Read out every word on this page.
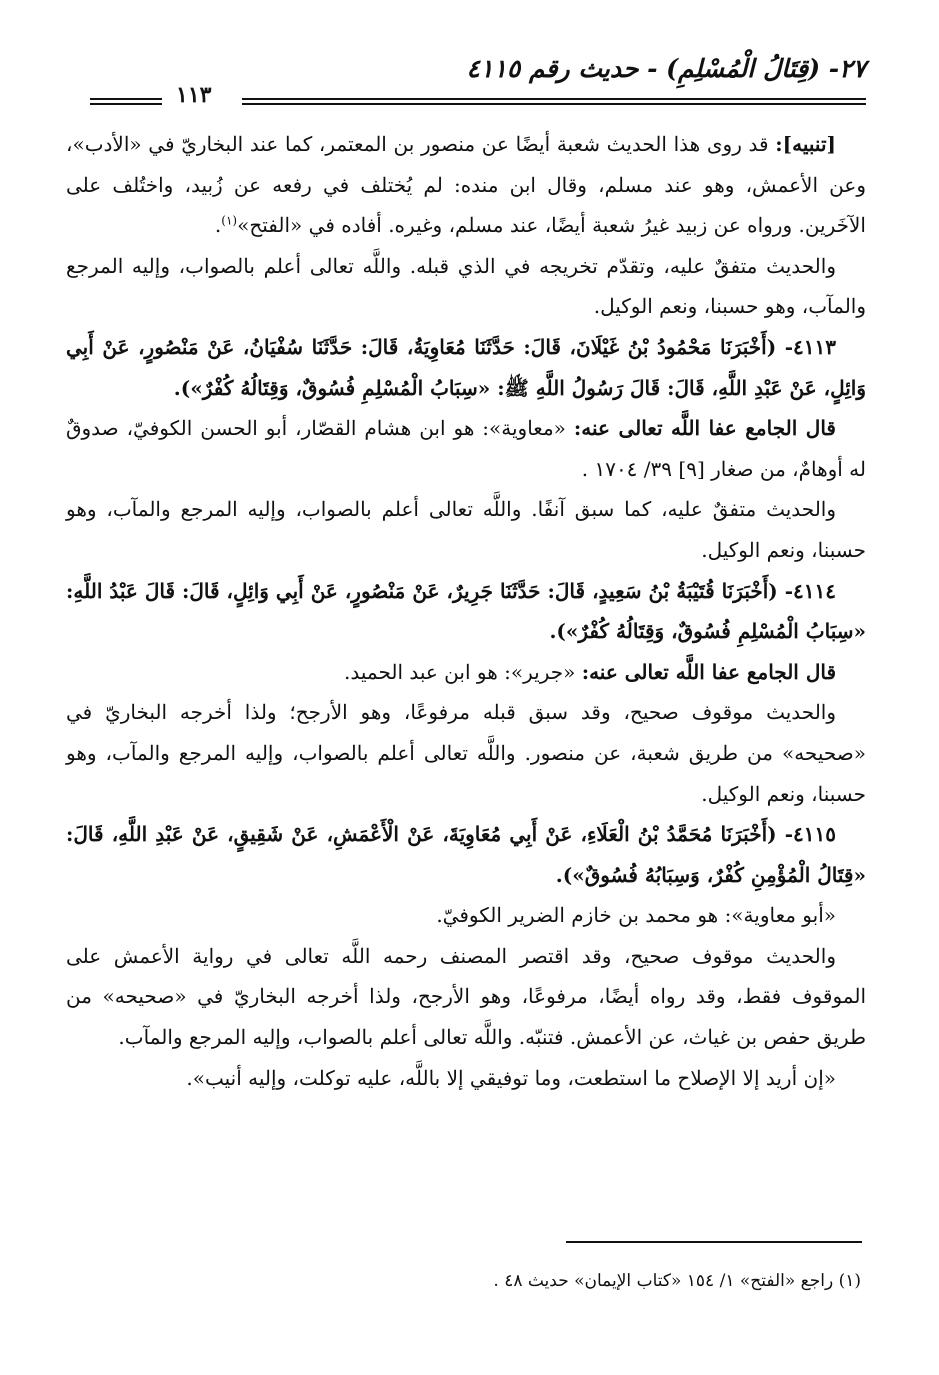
٢٧- (قِتَالُ الْمُسْلِمِ) - حديث رقم ٤١١٥
١١٣

[تنبيه]: قد روى هذا الحديث شعبة أيضًا عن منصور بن المعتمر، كما عند البخاريّ في «الأدب»، وعن الأعمش، وهو عند مسلم، وقال ابن منده: لم يُختلف في رفعه عن زُبيد، واختُلف على الآخَرين. ورواه عن زبيد غيرُ شعبة أيضًا، عند مسلم، وغيره. أفاده في «الفتح»$^{(١)}$.

والحديث متفقٌ عليه، وتقدّم تخريجه في الذي قبله. واللَّه تعالى أعلم بالصواب، وإليه المرجع والمآب، وهو حسبنا، ونعم الوكيل.

٤١١٣- (أَخْبَرَنَا مَحْمُودُ بْنُ غَيْلَانَ، قَالَ: حَدَّثَنَا مُعَاوِيَةُ، قَالَ: حَدَّثَنَا سُفْيَانُ، عَنْ مَنْصُورٍ، عَنْ أَبِي وَائِلٍ، عَنْ عَبْدِ اللَّهِ، قَالَ: قَالَ رَسُولُ اللَّهِ ﷺ: «سِبَابُ الْمُسْلِمِ فُسُوقٌ، وَقِتَالُهُ كُفْرٌ»).

قال الجامع عفا اللَّه تعالى عنه: «معاوية»: هو ابن هشام القصّار، أبو الحسن الكوفيّ، صدوقٌ له أوهامٌ، من صغار [٩] ٣٩/ ١٧٠٤ .

والحديث متفقٌ عليه، كما سبق آنفًا. واللَّه تعالى أعلم بالصواب، وإليه المرجع والمآب، وهو حسبنا، ونعم الوكيل.

٤١١٤- (أَخْبَرَنَا قُتَيْبَةُ بْنُ سَعِيدٍ، قَالَ: حَدَّثَنَا جَرِيرٌ، عَنْ مَنْصُورٍ، عَنْ أَبِي وَائِلٍ، قَالَ: قَالَ عَبْدُ اللَّهِ: «سِبَابُ الْمُسْلِمِ فُسُوقٌ، وَقِتَالُهُ كُفْرٌ»).

قال الجامع عفا اللَّه تعالى عنه: «جرير»: هو ابن عبد الحميد.

والحديث موقوف صحيح، وقد سبق قبله مرفوعًا، وهو الأرجح؛ ولذا أخرجه البخاريّ في «صحيحه» من طريق شعبة، عن منصور. واللَّه تعالى أعلم بالصواب، وإليه المرجع والمآب، وهو حسبنا، ونعم الوكيل.

٤١١٥- (أَخْبَرَنَا مُحَمَّدُ بْنُ الْعَلَاءِ، عَنْ أَبِي مُعَاوِيَةَ، عَنْ الْأَعْمَشِ، عَنْ شَقِيقٍ، عَنْ عَبْدِ اللَّهِ، قَالَ: «قِتَالُ الْمُؤْمِنِ كُفْرٌ، وَسِبَابُهُ فُسُوقٌ»).

«أبو معاوية»: هو محمد بن خازم الضرير الكوفيّ.

والحديث موقوف صحيح، وقد اقتصر المصنف رحمه اللَّه تعالى في رواية الأعمش على الموقوف فقط، وقد رواه أيضًا، مرفوعًا، وهو الأرجح، ولذا أخرجه البخاريّ في «صحيحه» من طريق حفص بن غياث، عن الأعمش. فتنبّه. واللَّه تعالى أعلم بالصواب، وإليه المرجع والمآب.

«إن أريد إلا الإصلاح ما استطعت، وما توفيقي إلا باللَّه، عليه توكلت، وإليه أنيب».

(١) راجع «الفتح» ١/ ١٥٤ «كتاب الإيمان» حديث ٤٨ .
